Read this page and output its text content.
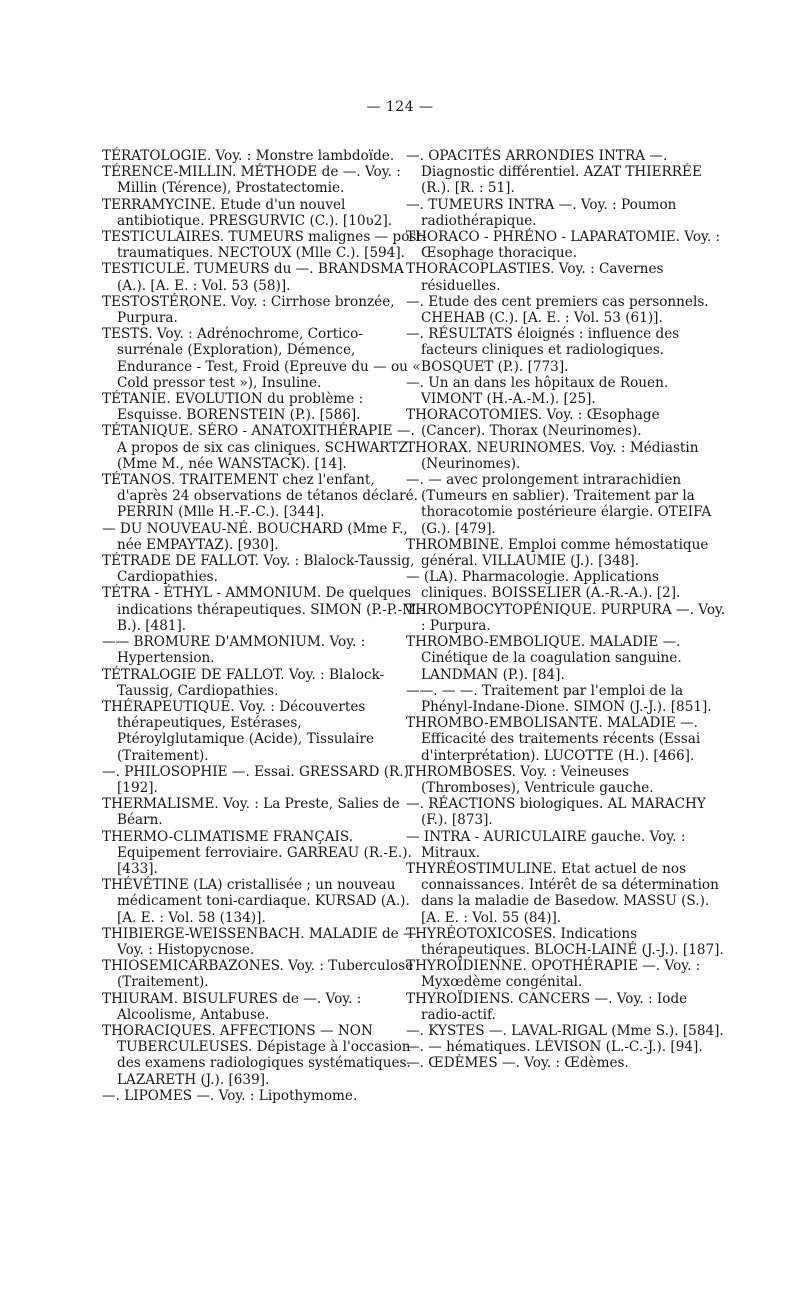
— 124 —

TÉRATOLOGIE. Voy. : Monstre lambdoïde.

TÉRENCE-MILLIN. MÉTHODE de —. Voy. : Millin (Térence), Prostatectomie.

TERRAMYCINE. Etude d'un nouvel antibiotique. PRESGURVIC (C.). [10ʋ2].

TESTICULAIRES. TUMEURS malignes — post-traumatiques. NECTOUX (Mlle C.). [594].

TESTICULE. TUMEURS du —. BRANDSMA (A.). [A. E. : Vol. 53 (58)].

TESTOSTÉRONE. Voy. : Cirrhose bronzée, Purpura.

TESTS. Voy. : Adrénochrome, Cortico-surrénale (Exploration), Démence, Endurance - Test, Froid (Epreuve du — ou « Cold pressor test »), Insuline.

TÉTANIE. EVOLUTION du problème : Esquisse. BORENSTEIN (P.). [586].

TÉTANIQUE. SÉRO - ANATOXITHÉRAPIE —. A propos de six cas cliniques. SCHWARTZ (Mme M., née WANSTACK). [14].

TÉTANOS. TRAITEMENT chez l'enfant, d'après 24 observations de tétanos déclaré. PERRIN (Mlle H.-F.-C.). [344].

— DU NOUVEAU-NÉ. BOUCHARD (Mme F., née EMPAYTAZ). [930].

TÉTRADE DE FALLOT. Voy. : Blalock-Taussig, Cardiopathies.

TÉTRA - ÉTHYL - AMMONIUM. De quelques indications thérapeutiques. SIMON (P.-P.-M.-B.). [481].

—— BROMURE D'AMMONIUM. Voy. : Hypertension.

TÉTRALOGIE DE FALLOT. Voy. : Blalock-Taussig, Cardiopathies.

THÉRAPEUTIQUE. Voy. : Découvertes thérapeutiques, Estérases, Ptéroylglutamique (Acide), Tissulaire (Traitement).

—. PHILOSOPHIE —. Essai. GRESSARD (R.). [192].

THERMALISME. Voy. : La Preste, Salies de Béarn.

THERMO-CLIMATISME FRANÇAIS. Equipement ferroviaire. GARREAU (R.-E.). [433].

THÉVÉTINE (LA) cristallisée ; un nouveau médicament toni-cardiaque. KURSAD (A.). [A. E. : Vol. 58 (134)].

THIBIERGE-WEISSENBACH. MALADIE de —. Voy. : Histopycnose.

THIOSEMICARBAZONES. Voy. : Tuberculose (Traitement).

THIURAM. BISULFURES de —. Voy. : Alcoolisme, Antabuse.

THORACIQUES. AFFECTIONS — NON TUBERCULEUSES. Dépistage à l'occasion des examens radiologiques systématiques. LAZARETH (J.). [639].

—. LIPOMES —. Voy. : Lipothymome.

—. OPACITÉS ARRONDIES INTRA —. Diagnostic différentiel. AZAT THIERRÉE (R.). [R. : 51].

—. TUMEURS INTRA —. Voy. : Poumon radiothérapique.

THORACO - PHRÉNO - LAPARATOMIE. Voy. : Œsophage thoracique.

THORACOPLASTIES. Voy. : Cavernes résiduelles.

—. Etude des cent premiers cas personnels. CHEHAB (C.). [A. E. : Vol. 53 (61)].

—. RÉSULTATS éloignés : influence des facteurs cliniques et radiologiques. BOSQUET (P.). [773].

—. Un an dans les hôpitaux de Rouen. VIMONT (H.-A.-M.). [25].

THORACOTOMIES. Voy. : Œsophage (Cancer). Thorax (Neurinomes).

THORAX. NEURINOMES. Voy. : Médiastin (Neurinomes).

—. — avec prolongement intrarachidien (Tumeurs en sablier). Traitement par la thoracotomie postérieure élargie. OTEIFA (G.). [479].

THROMBINE. Emploi comme hémostatique général. VILLAUMIE (J.). [348].

— (LA). Pharmacologie. Applications cliniques. BOISSELIER (A.-R.-A.). [2].

THROMBOCYTOPÉNIQUE. PURPURA —. Voy. : Purpura.

THROMBO-EMBOLIQUE. MALADIE —. Cinétique de la coagulation sanguine. LANDMAN (P.). [84].

——. — —. Traitement par l'emploi de la Phényl-Indane-Dione. SIMON (J.-J.). [851].

THROMBO-EMBOLISANTE. MALADIE —. Efficacité des traitements récents (Essai d'interprétation). LUCOTTE (H.). [466].

THROMBOSES. Voy. : Veineuses (Thromboses), Ventricule gauche.

—. RÉACTIONS biologiques. AL MARACHY (F.). [873].

— INTRA - AURICULAIRE gauche. Voy. : Mitraux.

THYRÉOSTIMULINE. Etat actuel de nos connaissances. Intérêt de sa détermination dans la maladie de Basedow. MASSU (S.). [A. E. : Vol. 55 (84)].

THYRÉOTOXICOSES. Indications thérapeutiques. BLOCH-LAINÉ (J.-J.). [187].

THYROÏDIENNE. OPOTHÉRAPIE —. Voy. : Myxœdème congénital.

THYROÏDIENS. CANCERS —. Voy. : Iode radio-actif.

—. KYSTES —. LAVAL-RIGAL (Mme S.). [584].

—. — hématiques. LÉVISON (L.-C.-J.). [94].

—. ŒDÈMES —. Voy. : Œdèmes.
